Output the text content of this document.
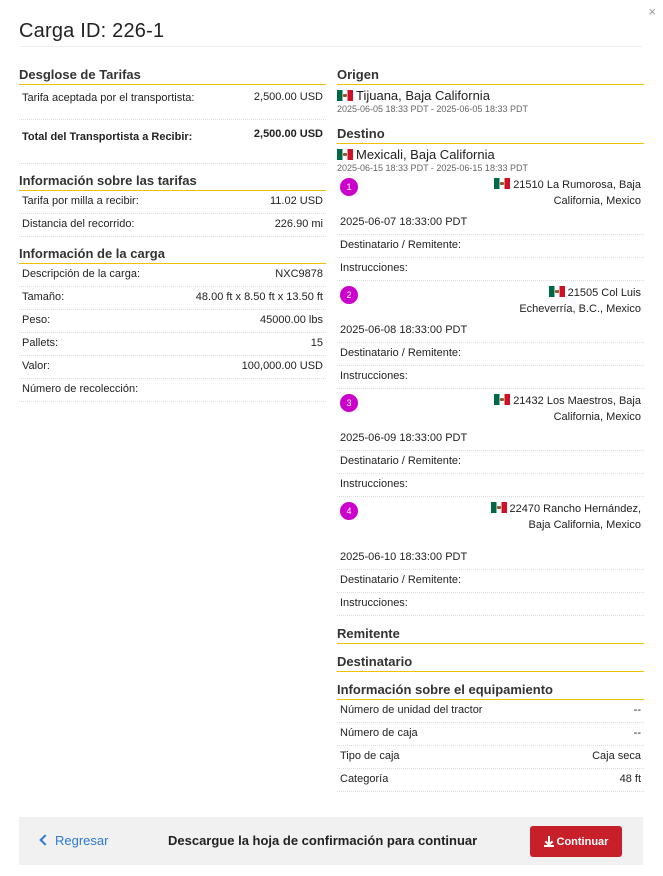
×
Carga ID: 226-1
Desglose de Tarifas
Tarifa aceptada por el transportista:	2,500.00 USD
Total del Transportista a Recibir:	2,500.00 USD
Información sobre las tarifas
Tarifa por milla a recibir:	11.02 USD
Distancia del recorrido:	226.90 mi
Información de la carga
Descripción de la carga:	NXC9878
Tamaño:	48.00 ft x 8.50 ft x 13.50 ft
Peso:	45000.00 lbs
Pallets:	15
Valor:	100,000.00 USD
Número de recolección:
Origen
Tijuana, Baja California
2025-06-05 18:33 PDT - 2025-06-05 18:33 PDT
Destino
Mexicali, Baja California
2025-06-15 18:33 PDT - 2025-06-15 18:33 PDT
1	21510 La Rumorosa, Baja California, Mexico
2025-06-07 18:33:00 PDT
Destinatario / Remitente:
Instrucciones:
2	21505 Col Luis Echeverría, B.C., Mexico
2025-06-08 18:33:00 PDT
Destinatario / Remitente:
Instrucciones:
3	21432 Los Maestros, Baja California, Mexico
2025-06-09 18:33:00 PDT
Destinatario / Remitente:
Instrucciones:
4	22470 Rancho Hernández, Baja California, Mexico
2025-06-10 18:33:00 PDT
Destinatario / Remitente:
Instrucciones:
Remitente
Destinatario
Información sobre el equipamiento
Número de unidad del tractor	--
Número de caja	--
Tipo de caja	Caja seca
Categoría	48 ft
Regresar	Descargue la hoja de confirmación para continuar	Continuar
